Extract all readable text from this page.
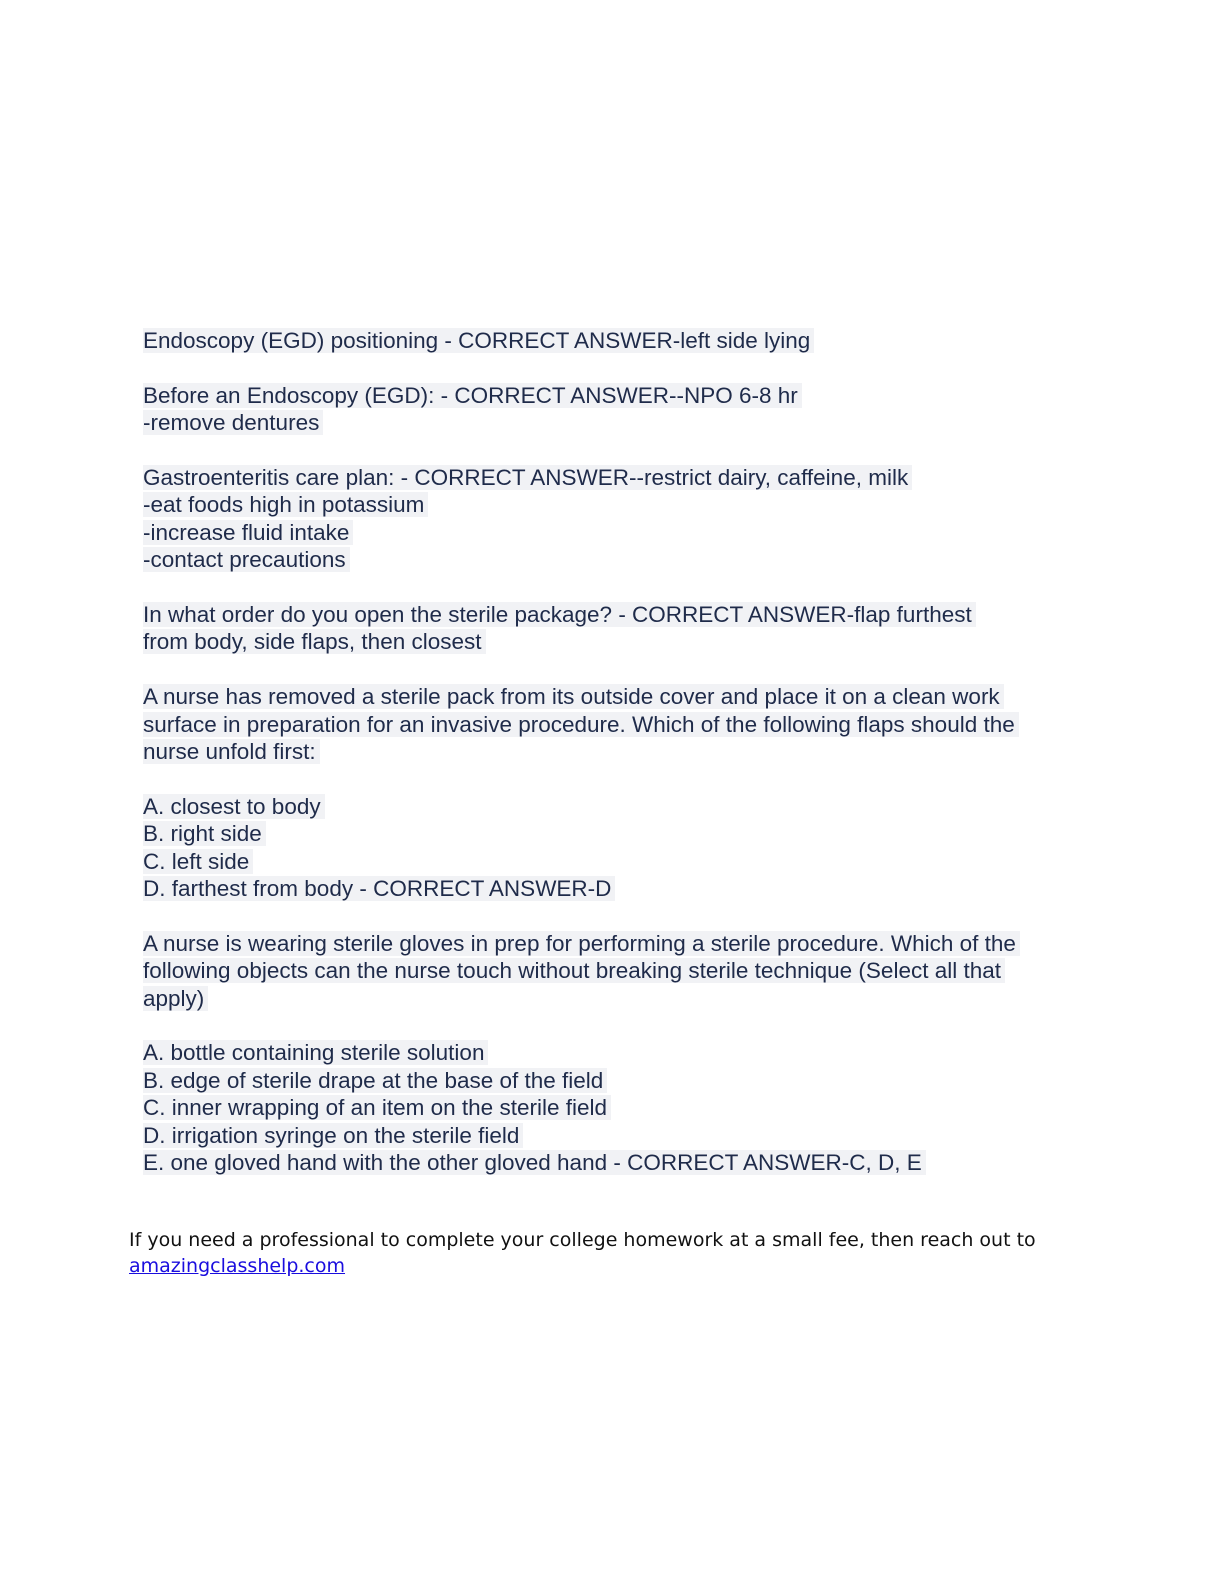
Endoscopy (EGD) positioning - CORRECT ANSWER-left side lying

Before an Endoscopy (EGD): - CORRECT ANSWER--NPO 6-8 hr
-remove dentures

Gastroenteritis care plan: - CORRECT ANSWER--restrict dairy, caffeine, milk
-eat foods high in potassium
-increase fluid intake
-contact precautions

In what order do you open the sterile package? - CORRECT ANSWER-flap furthest
from body, side flaps, then closest

A nurse has removed a sterile pack from its outside cover and place it on a clean work
surface in preparation for an invasive procedure. Which of the following flaps should the
nurse unfold first:

A. closest to body
B. right side
C. left side
D. farthest from body - CORRECT ANSWER-D

A nurse is wearing sterile gloves in prep for performing a sterile procedure. Which of the
following objects can the nurse touch without breaking sterile technique (Select all that
apply)

A. bottle containing sterile solution
B. edge of sterile drape at the base of the field
C. inner wrapping of an item on the sterile field
D. irrigation syringe on the sterile field
E. one gloved hand with the other gloved hand - CORRECT ANSWER-C, D, E

If you need a professional to complete your college homework at a small fee, then reach out to
amazingclasshelp.com
